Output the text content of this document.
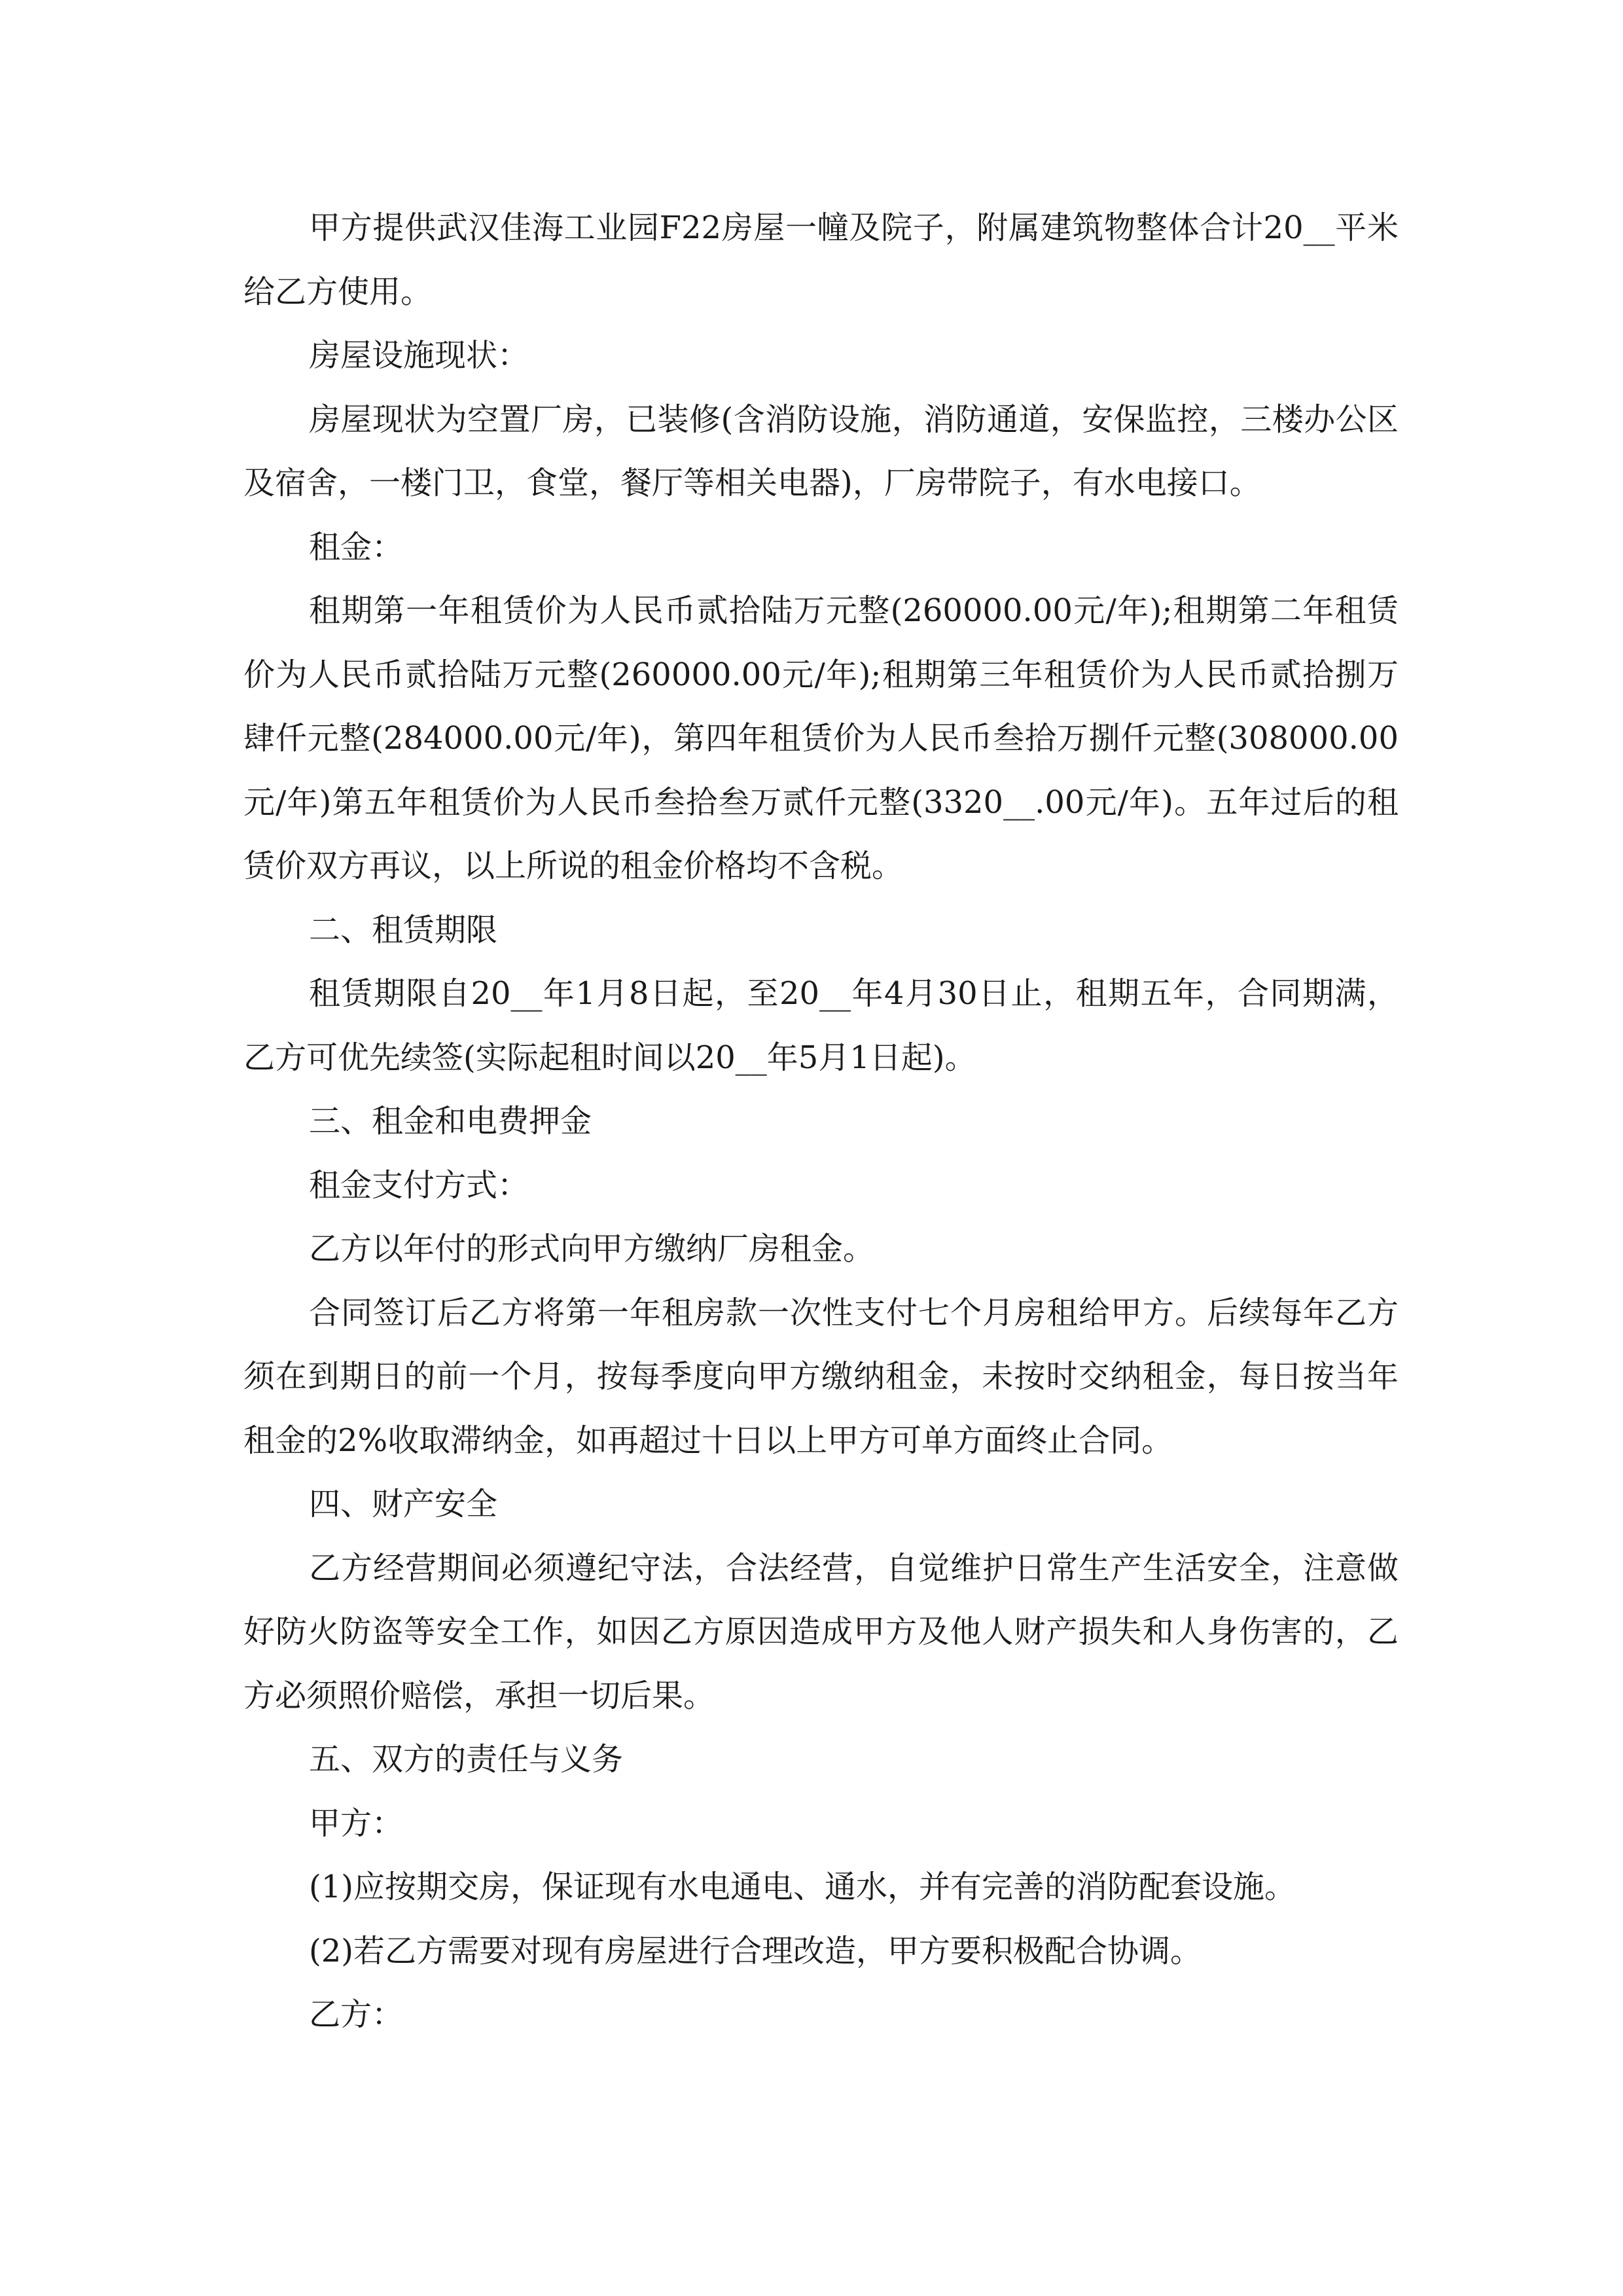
甲方提供武汉佳海工业园F22房屋一幢及院子，附属建筑物整体合计20__平米给乙方使用。

房屋设施现状：

房屋现状为空置厂房，已装修(含消防设施，消防通道，安保监控，三楼办公区及宿舍，一楼门卫，食堂，餐厅等相关电器)，厂房带院子，有水电接口。

租金：

租期第一年租赁价为人民币贰拾陆万元整(260000.00元/年);租期第二年租赁价为人民币贰拾陆万元整(260000.00元/年);租期第三年租赁价为人民币贰拾捌万肆仟元整(284000.00元/年)，第四年租赁价为人民币叁拾万捌仟元整(308000.00元/年)第五年租赁价为人民币叁拾叁万贰仟元整(3320__.00元/年)。五年过后的租赁价双方再议，以上所说的租金价格均不含税。

二、租赁期限

租赁期限自20__年1月8日起，至20__年4月30日止，租期五年，合同期满，乙方可优先续签(实际起租时间以20__年5月1日起)。

三、租金和电费押金

租金支付方式：

乙方以年付的形式向甲方缴纳厂房租金。

合同签订后乙方将第一年租房款一次性支付七个月房租给甲方。后续每年乙方须在到期日的前一个月，按每季度向甲方缴纳租金，未按时交纳租金，每日按当年租金的2%收取滞纳金，如再超过十日以上甲方可单方面终止合同。

四、财产安全

乙方经营期间必须遵纪守法，合法经营，自觉维护日常生产生活安全，注意做好防火防盗等安全工作，如因乙方原因造成甲方及他人财产损失和人身伤害的，乙方必须照价赔偿，承担一切后果。

五、双方的责任与义务

甲方：

(1)应按期交房，保证现有水电通电、通水，并有完善的消防配套设施。

(2)若乙方需要对现有房屋进行合理改造，甲方要积极配合协调。

乙方：
